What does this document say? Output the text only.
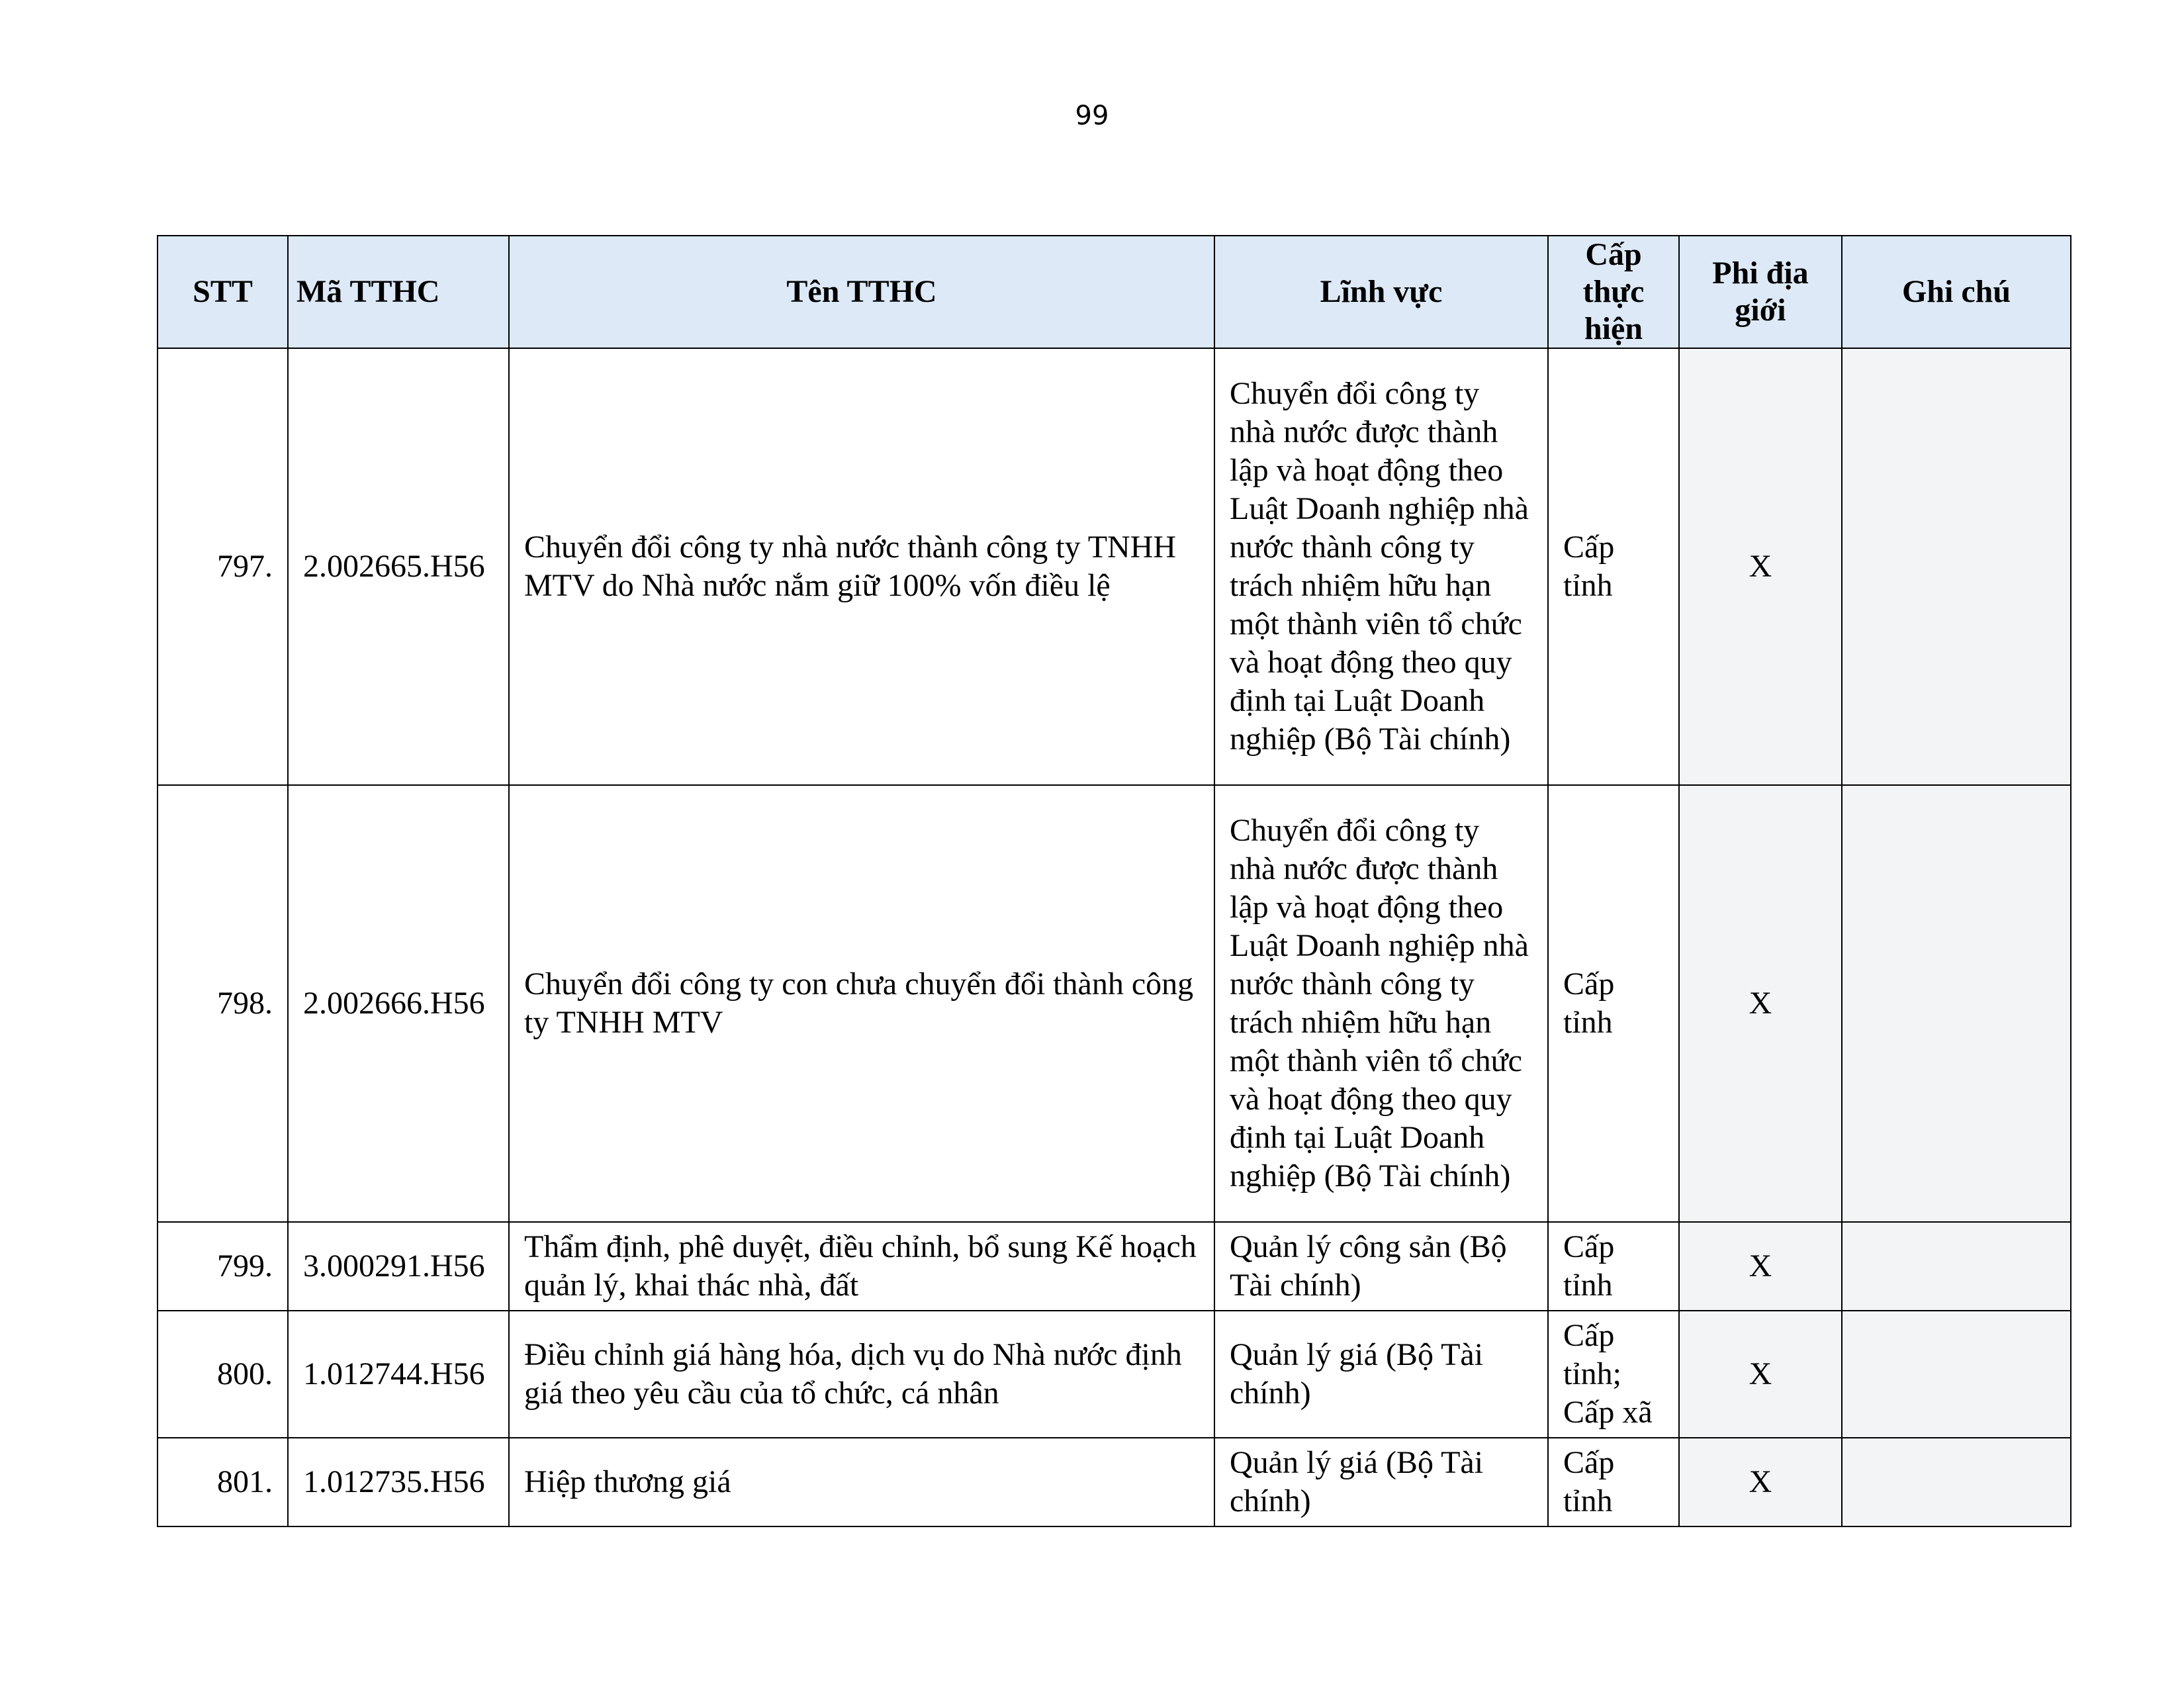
99
STT	Mã TTHC	Tên TTHC	Lĩnh vực	Cấp thực hiện	Phi địa giới	Ghi chú
797.	2.002665.H56	Chuyển đổi công ty nhà nước thành công ty TNHH MTV do Nhà nước nắm giữ 100% vốn điều lệ	Chuyển đổi công ty nhà nước được thành lập và hoạt động theo Luật Doanh nghiệp nhà nước thành công ty trách nhiệm hữu hạn một thành viên tổ chức và hoạt động theo quy định tại Luật Doanh nghiệp (Bộ Tài chính)	Cấp tỉnh	X	
798.	2.002666.H56	Chuyển đổi công ty con chưa chuyển đổi thành công ty TNHH MTV	Chuyển đổi công ty nhà nước được thành lập và hoạt động theo Luật Doanh nghiệp nhà nước thành công ty trách nhiệm hữu hạn một thành viên tổ chức và hoạt động theo quy định tại Luật Doanh nghiệp (Bộ Tài chính)	Cấp tỉnh	X	
799.	3.000291.H56	Thẩm định, phê duyệt, điều chỉnh, bổ sung Kế hoạch quản lý, khai thác nhà, đất	Quản lý công sản (Bộ Tài chính)	Cấp tỉnh	X	
800.	1.012744.H56	Điều chỉnh giá hàng hóa, dịch vụ do Nhà nước định giá theo yêu cầu của tổ chức, cá nhân	Quản lý giá (Bộ Tài chính)	Cấp tỉnh; Cấp xã	X	
801.	1.012735.H56	Hiệp thương giá	Quản lý giá (Bộ Tài chính)	Cấp tỉnh	X	
